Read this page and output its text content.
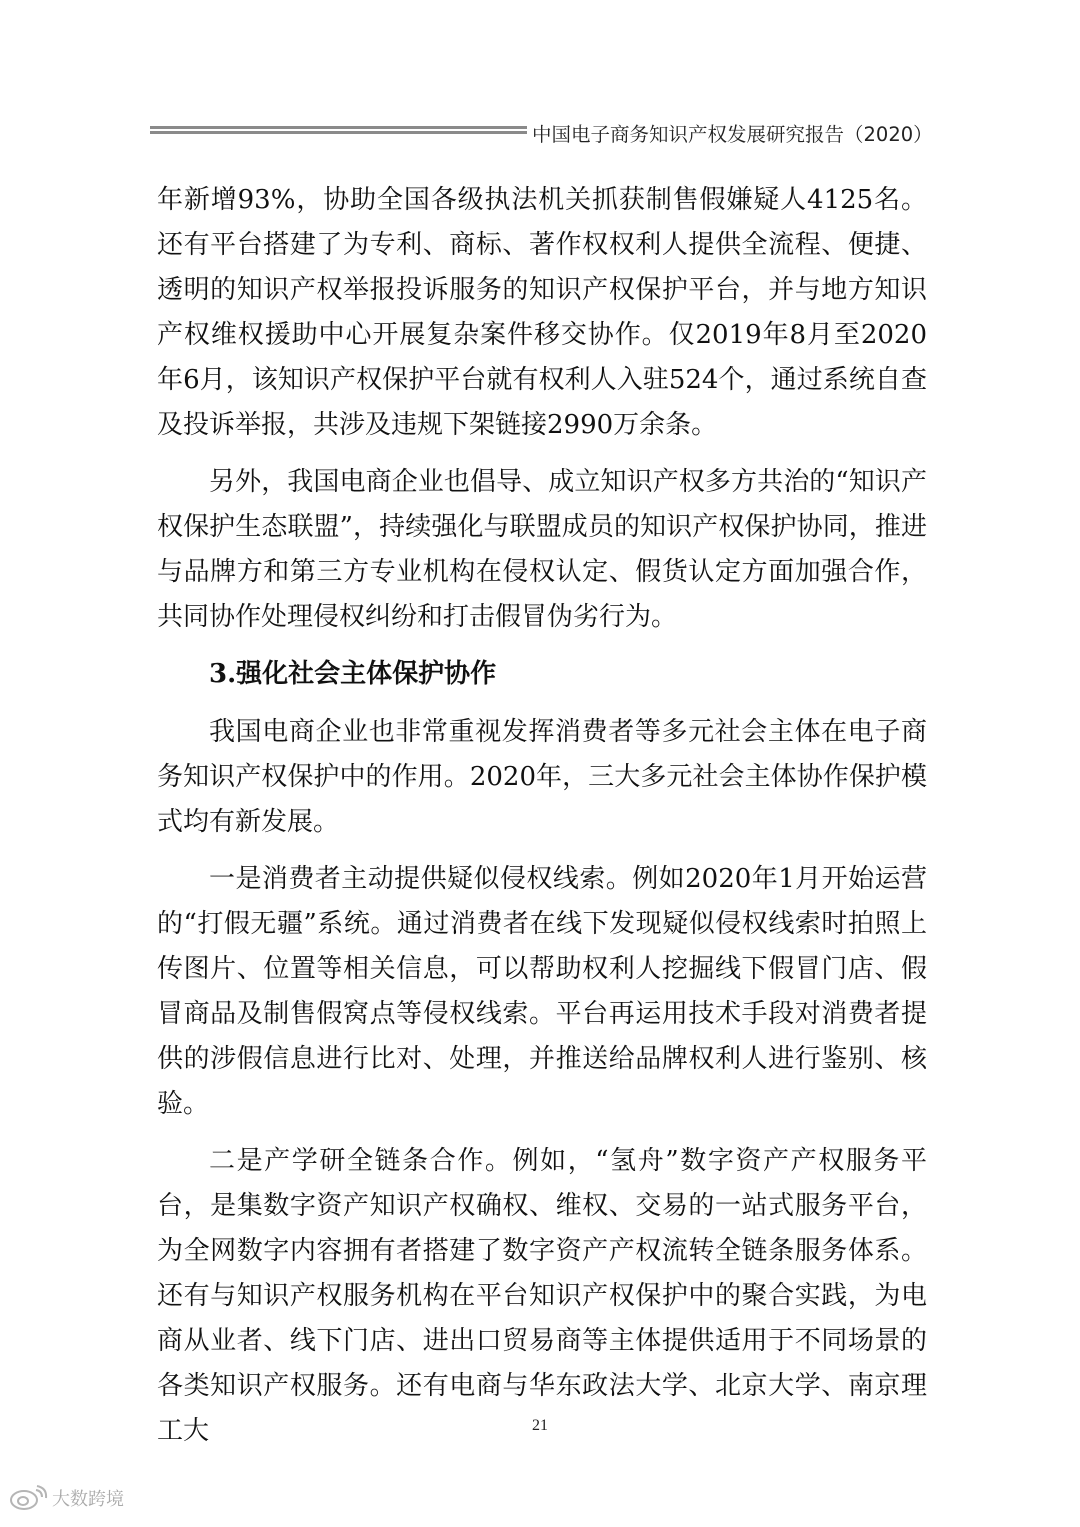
中国电子商务知识产权发展研究报告（2020）

年新增93%，协助全国各级执法机关抓获制售假嫌疑人4125名。还有平台搭建了为专利、商标、著作权权利人提供全流程、便捷、透明的知识产权举报投诉服务的知识产权保护平台，并与地方知识产权维权援助中心开展复杂案件移交协作。仅2019年8月至2020年6月，该知识产权保护平台就有权利人入驻524个，通过系统自查及投诉举报，共涉及违规下架链接2990万余条。

另外，我国电商企业也倡导、成立知识产权多方共治的“知识产权保护生态联盟”，持续强化与联盟成员的知识产权保护协同，推进与品牌方和第三方专业机构在侵权认定、假货认定方面加强合作，共同协作处理侵权纠纷和打击假冒伪劣行为。

3.强化社会主体保护协作

我国电商企业也非常重视发挥消费者等多元社会主体在电子商务知识产权保护中的作用。2020年，三大多元社会主体协作保护模式均有新发展。

一是消费者主动提供疑似侵权线索。例如2020年1月开始运营的“打假无疆”系统。通过消费者在线下发现疑似侵权线索时拍照上传图片、位置等相关信息，可以帮助权利人挖掘线下假冒门店、假冒商品及制售假窝点等侵权线索。平台再运用技术手段对消费者提供的涉假信息进行比对、处理，并推送给品牌权利人进行鉴别、核验。

二是产学研全链条合作。例如，“氢舟”数字资产产权服务平台，是集数字资产知识产权确权、维权、交易的一站式服务平台，为全网数字内容拥有者搭建了数字资产产权流转全链条服务体系。还有与知识产权服务机构在平台知识产权保护中的聚合实践，为电商从业者、线下门店、进出口贸易商等主体提供适用于不同场景的各类知识产权服务。还有电商与华东政法大学、北京大学、南京理工大	21
大数跨境
